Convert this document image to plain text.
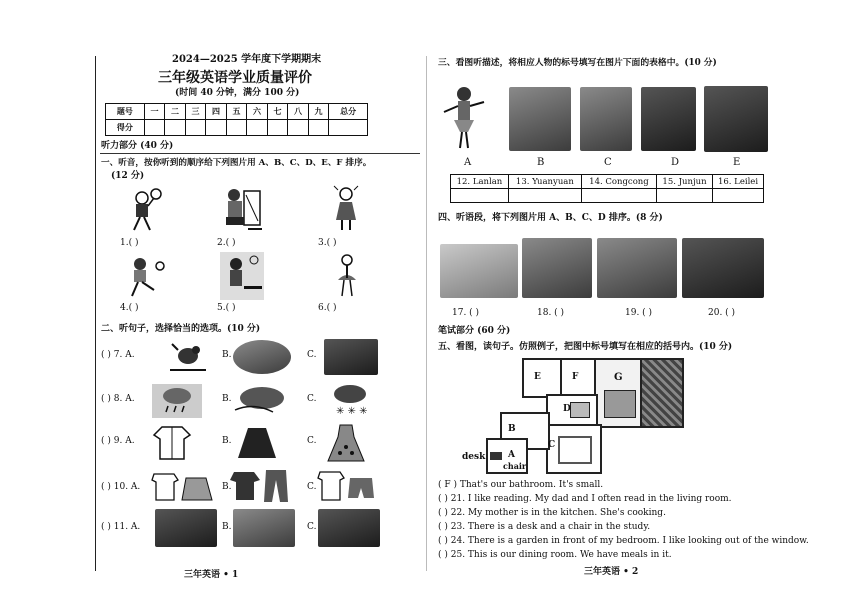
2024—2025 学年度下学期期末
三年级英语学业质量评价
(时间 40 分钟，满分 100 分)
题号	一	二	三	四	五	六	七	八	九	总分
得分										
听力部分 (40 分)
一、听音，按你听到的顺序给下列图片用 A、B、C、D、E、F 排序。
(12 分)
1.( )	2.( )	3.( )
4.( )	5.( )	6.( )
二、听句子，选择恰当的选项。(10 分)
( ) 7. A.	B.	C.
( ) 8. A.	B.	C.
✳ ✳ ✳
( ) 9. A.	B.	C.
( ) 10. A.	B.	C.
( ) 11. A.	B.	C.
三年英语 • 1
三、看图听描述，将相应人物的标号填写在图片下面的表格中。(10 分)
A	B	C	D	E
12. Lanlan	13. Yuanyuan	14. Congcong	15. Junjun	16. Leilei

四、听语段，将下列图片用 A、B、C、D 排序。(8 分)
17. ( )	18. ( )	19. ( )	20. ( )
笔试部分 (60 分)
五、看图，读句子。仿照例子，把图中标号填写在相应的括号内。(10 分)
E	F	G
D
B
C
A
desk
chair
( F ) That's our bathroom. It's small.
( ) 21. I like reading. My dad and I often read in the living room.
( ) 22. My mother is in the kitchen. She's cooking.
( ) 23. There is a desk and a chair in the study.
( ) 24. There is a garden in front of my bedroom. I like looking out of the window.
( ) 25. This is our dining room. We have meals in it.
三年英语 • 2
